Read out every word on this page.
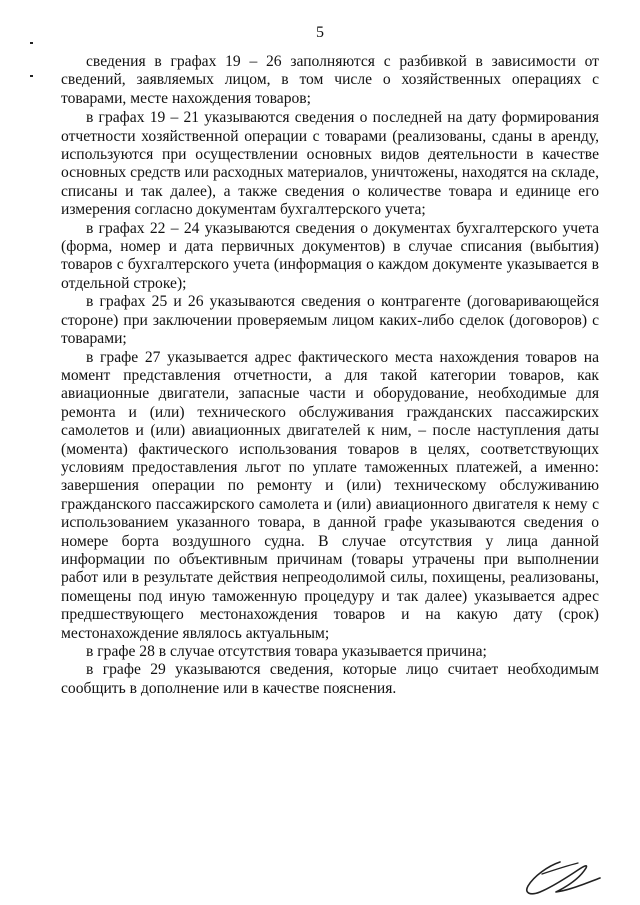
5

сведения в графах 19 – 26 заполняются с разбивкой в зависимости от сведений, заявляемых лицом, в том числе о хозяйственных операциях с товарами, месте нахождения товаров;

в графах 19 – 21 указываются сведения о последней на дату формирования отчетности хозяйственной операции с товарами (реализованы, сданы в аренду, используются при осуществлении основных видов деятельности в качестве основных средств или расходных материалов, уничтожены, находятся на складе, списаны и так далее), а также сведения о количестве товара и единице его измерения согласно документам бухгалтерского учета;

в графах 22 – 24 указываются сведения о документах бухгалтерского учета (форма, номер и дата первичных документов) в случае списания (выбытия) товаров с бухгалтерского учета (информация о каждом документе указывается в отдельной строке);

в графах 25 и 26 указываются сведения о контрагенте (договаривающейся стороне) при заключении проверяемым лицом каких-либо сделок (договоров) с товарами;

в графе 27 указывается адрес фактического места нахождения товаров на момент представления отчетности, а для такой категории товаров, как авиационные двигатели, запасные части и оборудование, необходимые для ремонта и (или) технического обслуживания гражданских пассажирских самолетов и (или) авиационных двигателей к ним, – после наступления даты (момента) фактического использования товаров в целях, соответствующих условиям предоставления льгот по уплате таможенных платежей, а именно: завершения операции по ремонту и (или) техническому обслуживанию гражданского пассажирского самолета и (или) авиационного двигателя к нему с использованием указанного товара, в данной графе указываются сведения о номере борта воздушного судна. В случае отсутствия у лица данной информации по объективным причинам (товары утрачены при выполнении работ или в результате действия непреодолимой силы, похищены, реализованы, помещены под иную таможенную процедуру и так далее) указывается адрес предшествующего местонахождения товаров и на какую дату (срок) местонахождение являлось актуальным;

в графе 28 в случае отсутствия товара указывается причина;

в графе 29 указываются сведения, которые лицо считает необходимым сообщить в дополнение или в качестве пояснения.
